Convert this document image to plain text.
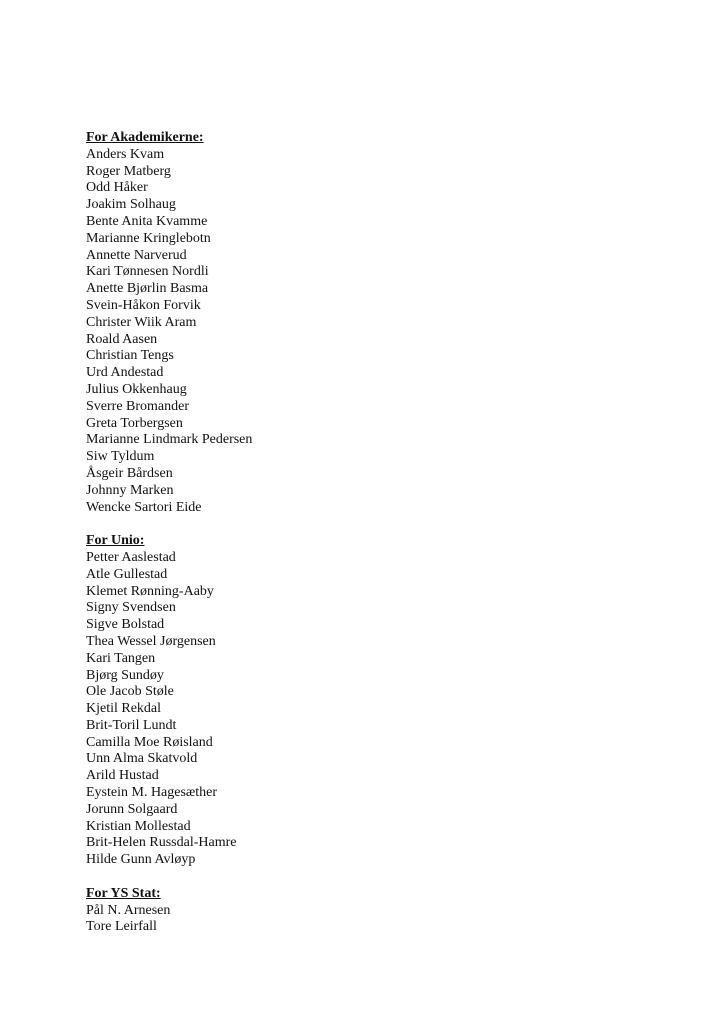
For Akademikerne:
Anders Kvam
Roger Matberg
Odd Håker
Joakim Solhaug
Bente Anita Kvamme
Marianne Kringlebotn
Annette Narverud
Kari Tønnesen Nordli
Anette Bjørlin Basma
Svein-Håkon Forvik
Christer Wiik Aram
Roald Aasen
Christian Tengs
Urd Andestad
Julius Okkenhaug
Sverre Bromander
Greta Torbergsen
Marianne Lindmark Pedersen
Siw Tyldum
Åsgeir Bårdsen
Johnny Marken
Wencke Sartori Eide
For Unio:
Petter Aaslestad
Atle Gullestad
Klemet Rønning-Aaby
Signy Svendsen
Sigve Bolstad
Thea Wessel Jørgensen
Kari Tangen
Bjørg Sundøy
Ole Jacob Støle
Kjetil Rekdal
Brit-Toril Lundt
Camilla Moe Røisland
Unn Alma Skatvold
Arild Hustad
Eystein M. Hagesæther
Jorunn Solgaard
Kristian Mollestad
Brit-Helen Russdal-Hamre
Hilde Gunn Avløyp
For YS Stat:
Pål N. Arnesen
Tore Leirfall
